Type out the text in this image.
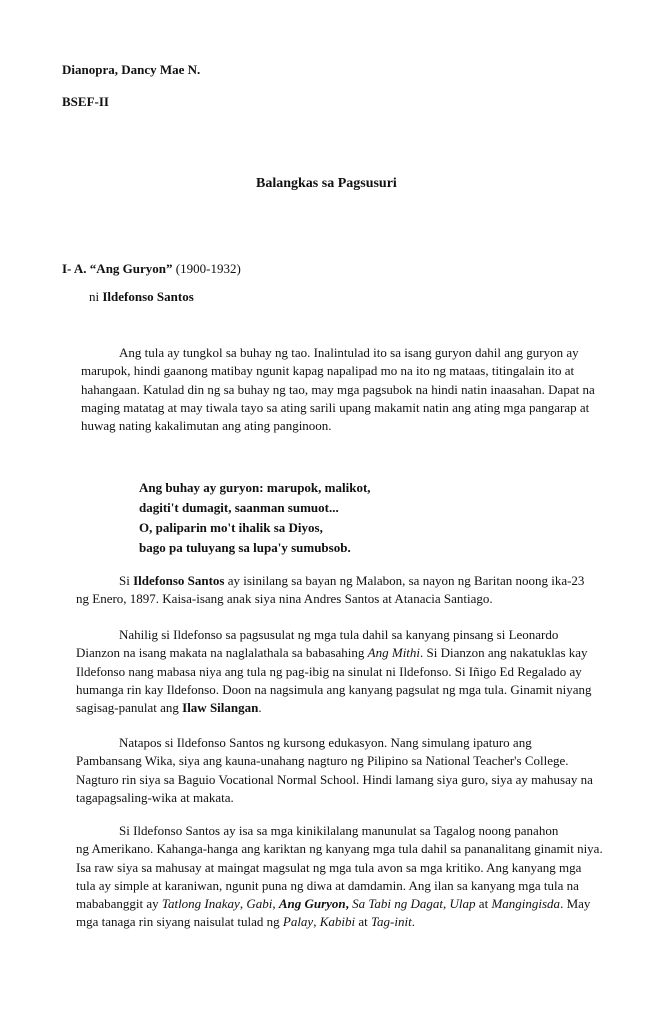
Dianopra, Dancy Mae N.
BSEF-II
Balangkas sa Pagsusuri
I- A. “Ang Guryon” (1900-1932)
ni Ildefonso Santos
Ang tula ay tungkol sa buhay ng tao. Inalintulad ito sa isang guryon dahil ang guryon ay
marupok, hindi gaanong matibay ngunit kapag napalipad mo na ito ng mataas, titingalain ito at
hahangaan. Katulad din ng sa buhay ng tao, may mga pagsubok na hindi natin inaasahan. Dapat na
maging matatag at may tiwala tayo sa ating sarili upang makamit natin ang ating mga pangarap at
huwag nating kakalimutan ang ating panginoon.
Ang buhay ay guryon: marupok, malikot,
dagiti't dumagit, saanman sumuot...
O, paliparin mo't ihalik sa Diyos,
bago pa tuluyang sa lupa'y sumubsob.
Si Ildefonso Santos ay isinilang sa bayan ng Malabon, sa nayon ng Baritan noong ika-23
ng Enero, 1897. Kaisa-isang anak siya nina Andres Santos at Atanacia Santiago.
Nahilig si Ildefonso sa pagsusulat ng mga tula dahil sa kanyang pinsang si Leonardo
Dianzon na isang makata na naglalathala sa babasahing Ang Mithi. Si Dianzon ang nakatuklas kay
Ildefonso nang mabasa niya ang tula ng pag-ibig na sinulat ni Ildefonso. Si Iñigo Ed Regalado ay
humanga rin kay Ildefonso. Doon na nagsimula ang kanyang pagsulat ng mga tula. Ginamit niyang
sagisag-panulat ang Ilaw Silangan.
Natapos si Ildefonso Santos ng kursong edukasyon. Nang simulang ipaturo ang
Pambansang Wika, siya ang kauna-unahang nagturo ng Pilipino sa National Teacher's College.
Nagturo rin siya sa Baguio Vocational Normal School. Hindi lamang siya guro, siya ay mahusay na
tagapagsaling-wika at makata.
Si Ildefonso Santos ay isa sa mga kinikilalang manunulat sa Tagalog noong panahon
ng Amerikano. Kahanga-hanga ang kariktan ng kanyang mga tula dahil sa pananalitang ginamit niya.
Isa raw siya sa mahusay at maingat magsulat ng mga tula avon sa mga kritiko. Ang kanyang mga
tula ay simple at karaniwan, ngunit puna ng diwa at damdamin. Ang ilan sa kanyang mga tula na
mababanggit ay Tatlong Inakay, Gabi, Ang Guryon, Sa Tabi ng Dagat, Ulap at Mangingisda. May
mga tanaga rin siyang naisulat tulad ng Palay, Kabibi at Tag-init.
